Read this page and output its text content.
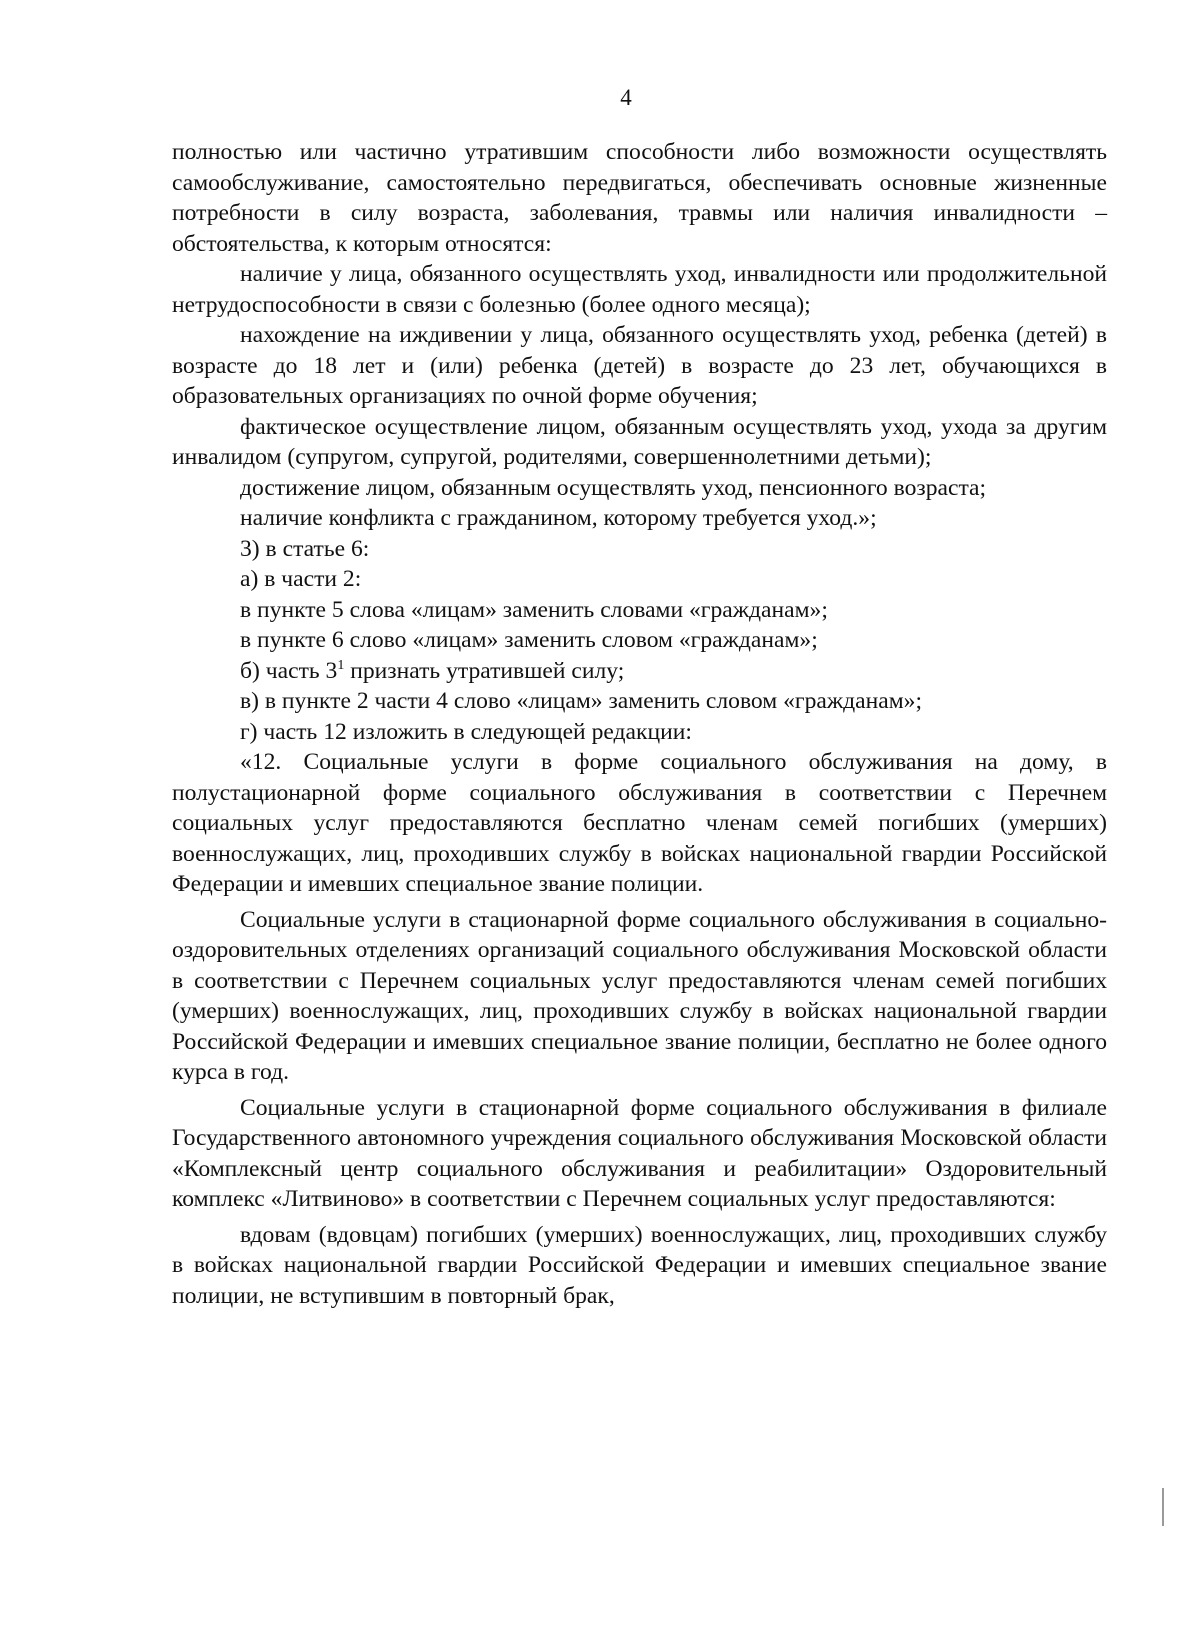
4

полностью или частично утратившим способности либо возможности осуществлять самообслуживание, самостоятельно передвигаться, обеспечивать основные жизненные потребности в силу возраста, заболевания, травмы или наличия инвалидности – обстоятельства, к которым относятся:

наличие у лица, обязанного осуществлять уход, инвалидности или продолжительной нетрудоспособности в связи с болезнью (более одного месяца);

нахождение на иждивении у лица, обязанного осуществлять уход, ребенка (детей) в возрасте до 18 лет и (или) ребенка (детей) в возрасте до 23 лет, обучающихся в образовательных организациях по очной форме обучения;

фактическое осуществление лицом, обязанным осуществлять уход, ухода за другим инвалидом (супругом, супругой, родителями, совершеннолетними детьми);

достижение лицом, обязанным осуществлять уход, пенсионного возраста;

наличие конфликта с гражданином, которому требуется уход.»;

3) в статье 6:

а) в части 2:

в пункте 5 слова «лицам» заменить словами «гражданам»;

в пункте 6 слово «лицам» заменить словом «гражданам»;

б) часть $3^1$ признать утратившей силу;

в) в пункте 2 части 4 слово «лицам» заменить словом «гражданам»;

г) часть 12 изложить в следующей редакции:

«12. Социальные услуги в форме социального обслуживания на дому, в полустационарной форме социального обслуживания в соответствии с Перечнем социальных услуг предоставляются бесплатно членам семей погибших (умерших) военнослужащих, лиц, проходивших службу в войсках национальной гвардии Российской Федерации и имевших специальное звание полиции.

Социальные услуги в стационарной форме социального обслуживания в социально-оздоровительных отделениях организаций социального обслуживания Московской области в соответствии с Перечнем социальных услуг предоставляются членам семей погибших (умерших) военнослужащих, лиц, проходивших службу в войсках национальной гвардии Российской Федерации и имевших специальное звание полиции, бесплатно не более одного курса в год.

Социальные услуги в стационарной форме социального обслуживания в филиале Государственного автономного учреждения социального обслуживания Московской области «Комплексный центр социального обслуживания и реабилитации» Оздоровительный комплекс «Литвиново» в соответствии с Перечнем социальных услуг предоставляются:

вдовам (вдовцам) погибших (умерших) военнослужащих, лиц, проходивших службу в войсках национальной гвардии Российской Федерации и имевших специальное звание полиции, не вступившим в повторный брак,
